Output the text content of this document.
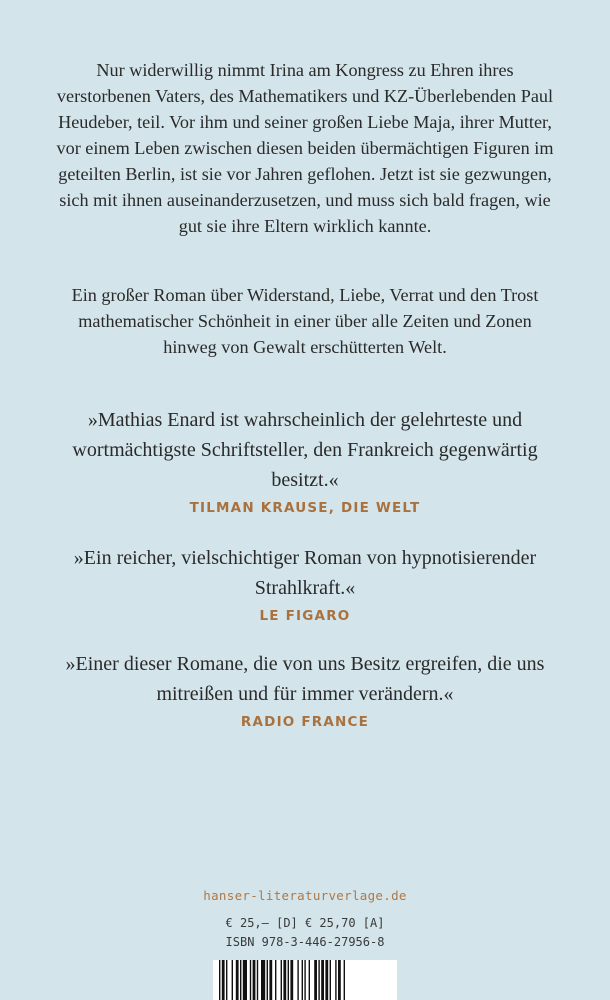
Nur widerwillig nimmt Irina am Kongress zu Ehren ihres verstorbenen Vaters, des Mathematikers und KZ-Überlebenden Paul Heudeber, teil. Vor ihm und seiner großen Liebe Maja, ihrer Mutter, vor einem Leben zwischen diesen beiden übermächtigen Figuren im geteilten Berlin, ist sie vor Jahren geflohen. Jetzt ist sie gezwungen, sich mit ihnen auseinanderzusetzen, und muss sich bald fragen, wie gut sie ihre Eltern wirklich kannte.

Ein großer Roman über Widerstand, Liebe, Verrat und den Trost mathematischer Schönheit in einer über alle Zeiten und Zonen hinweg von Gewalt erschütterten Welt.

»Mathias Enard ist wahrscheinlich der gelehrteste und wortmächtigste Schriftsteller, den Frankreich gegenwärtig besitzt.«

TILMAN KRAUSE, DIE WELT

»Ein reicher, vielschichtiger Roman von hypnotisierender Strahlkraft.«

LE FIGARO

»Einer dieser Romane, die von uns Besitz ergreifen, die uns mitreißen und für immer verändern.«

RADIO FRANCE
hanser-literaturverlage.de
€ 25,– [D] € 25,70 [A]
ISBN 978-3-446-27956-8
